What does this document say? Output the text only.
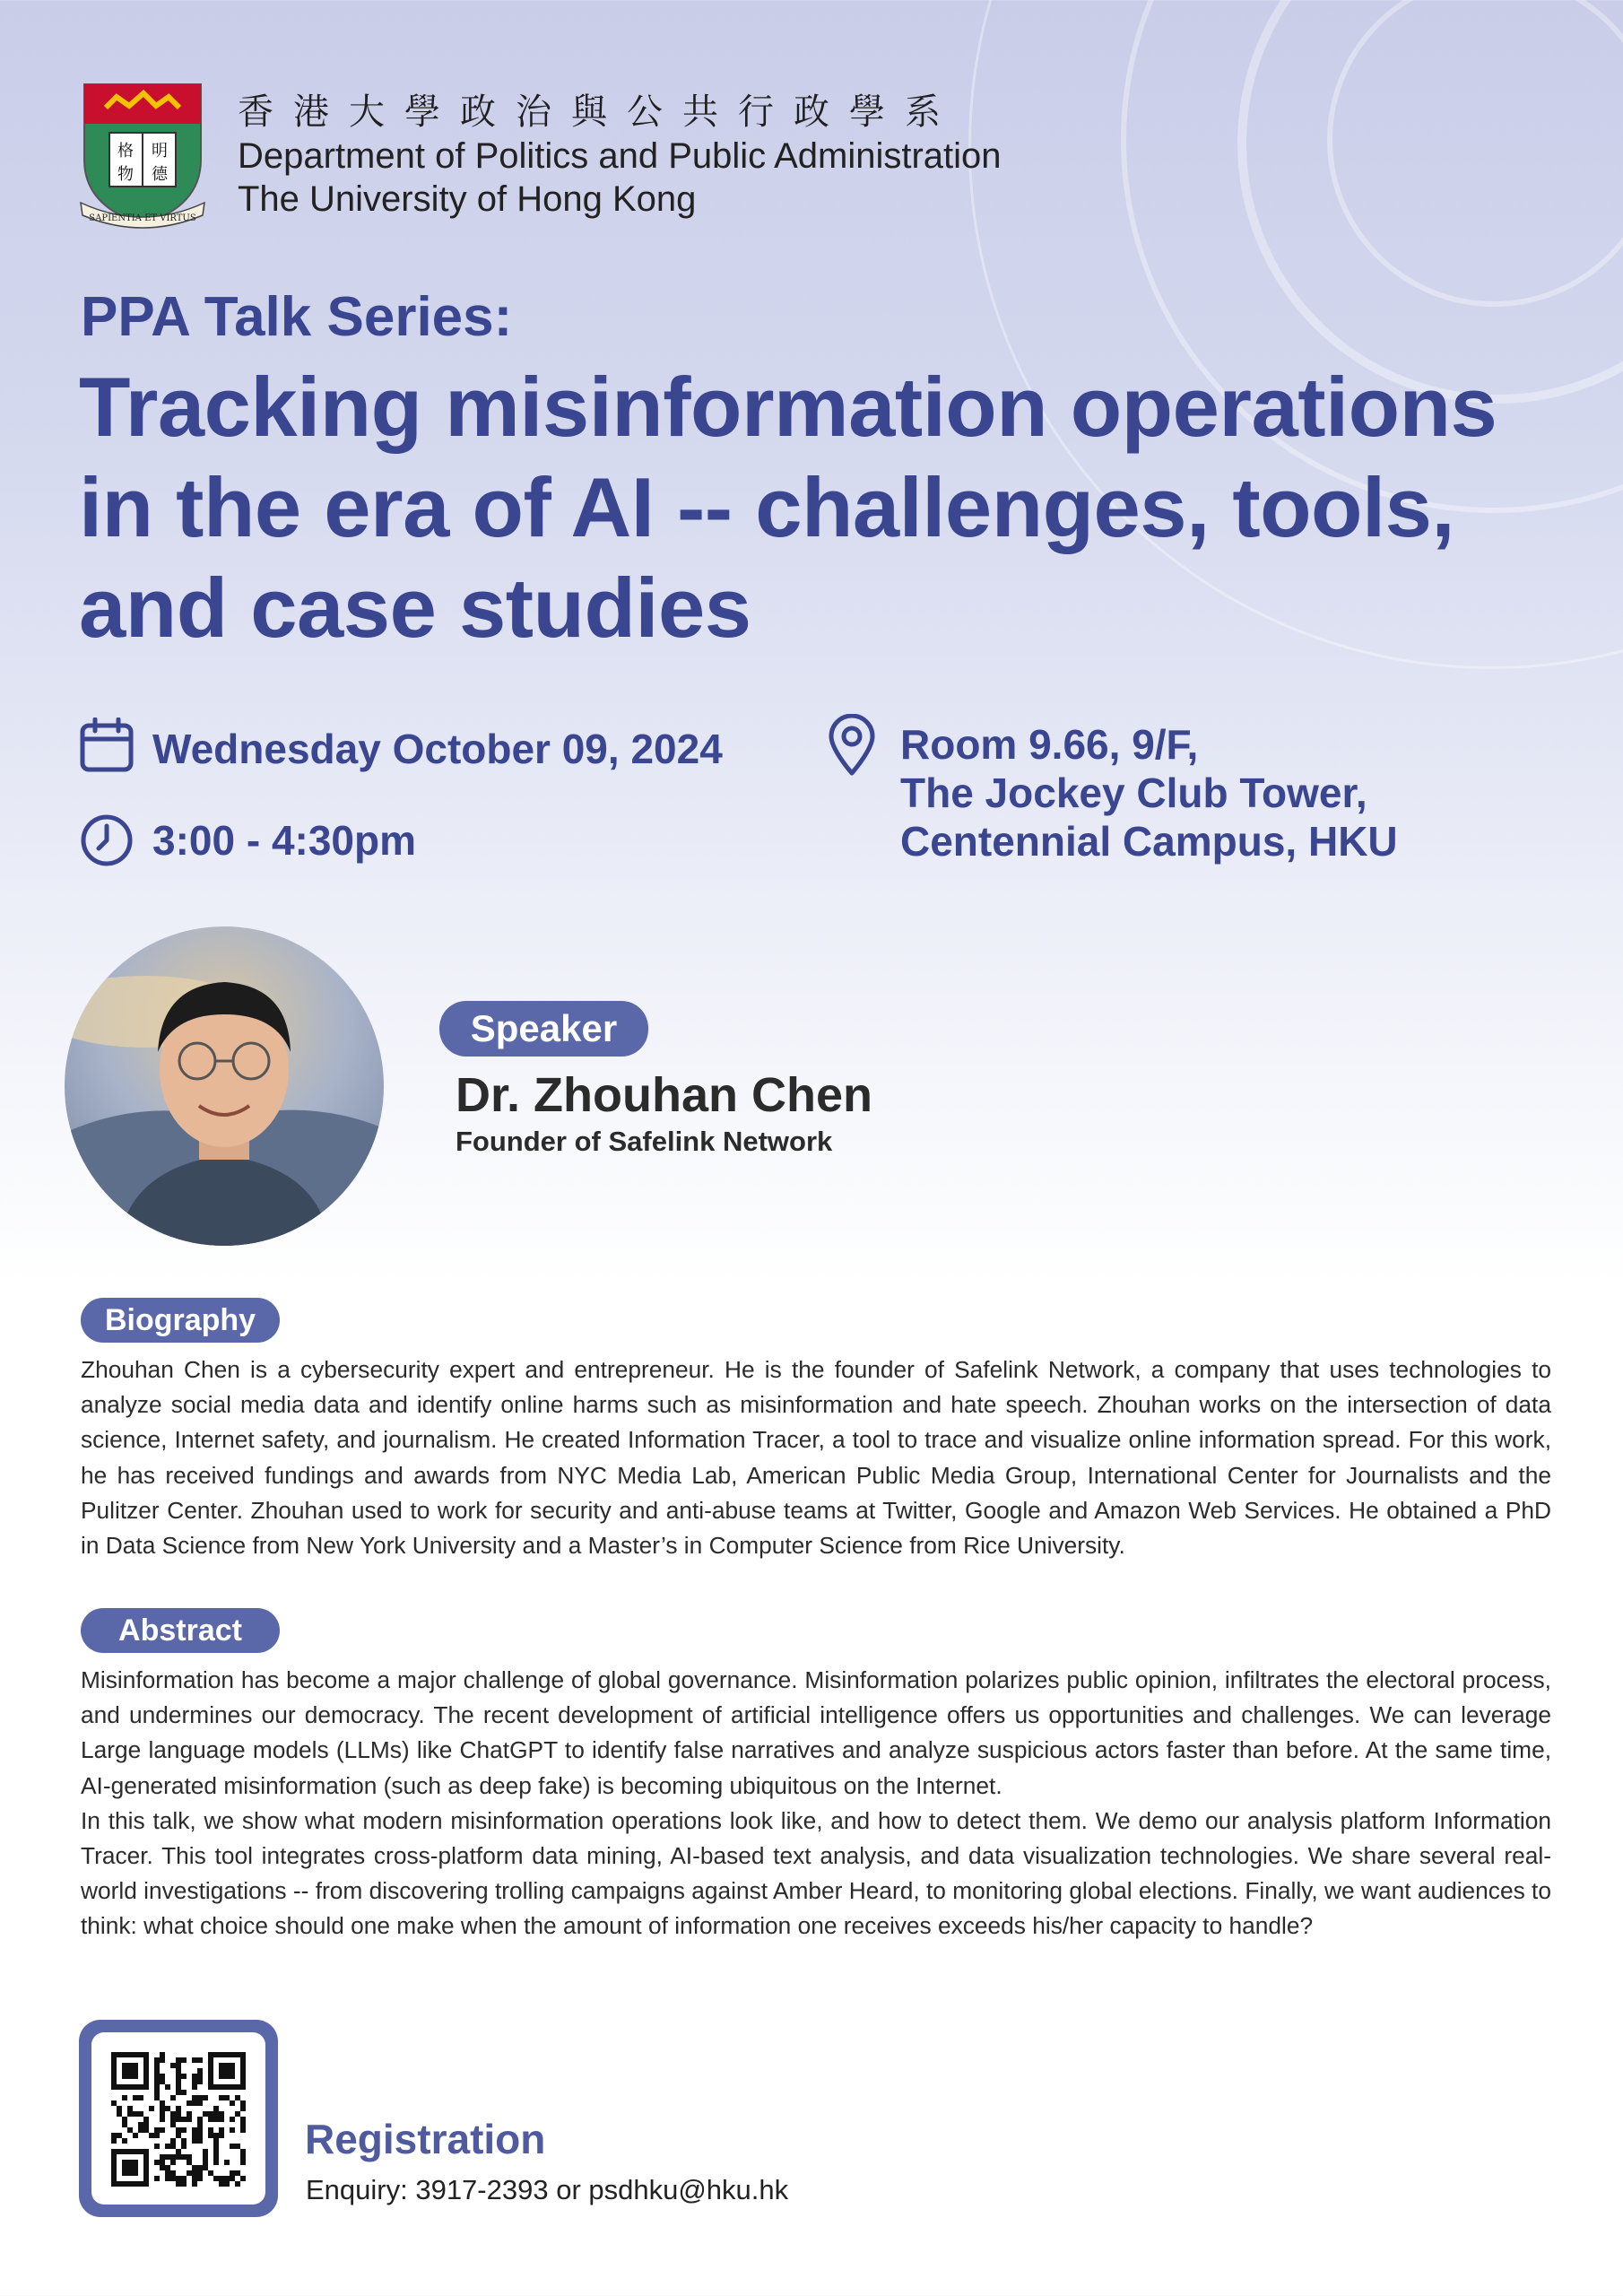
格 明
物 德
SAPIENTIA ET VIRTUS
香港大學政治與公共行政學系
Department of Politics and Public Administration
The University of Hong Kong
PPA Talk Series:
Tracking misinformation operations
in the era of AI -- challenges, tools,
and case studies
Wednesday October 09, 2024
3:00 - 4:30pm
Room 9.66, 9/F,
The Jockey Club Tower,
Centennial Campus, HKU
Speaker
Dr. Zhouhan Chen
Founder of Safelink Network
Biography
Zhouhan Chen is a cybersecurity expert and entrepreneur. He is the founder of Safelink Network, a company that uses technologies to analyze social media data and identify online harms such as misinformation and hate speech. Zhouhan works on the intersection of data science, Internet safety, and journalism. He created Information Tracer, a tool to trace and visualize online information spread. For this work, he has received fundings and awards from NYC Media Lab, American Public Media Group, International Center for Journalists and the Pulitzer Center. Zhouhan used to work for security and anti-abuse teams at Twitter, Google and Amazon Web Services. He obtained a PhD in Data Science from New York University and a Master’s in Computer Science from Rice University.
Abstract
Misinformation has become a major challenge of global governance. Misinformation polarizes public opinion, infiltrates the electoral process, and undermines our democracy. The recent development of artificial intelligence offers us opportunities and challenges. We can leverage Large language models (LLMs) like ChatGPT to identify false narratives and analyze suspicious actors faster than before. At the same time, AI-generated misinformation (such as deep fake) is becoming ubiquitous on the Internet.
In this talk, we show what modern misinformation operations look like, and how to detect them. We demo our analysis platform Information Tracer. This tool integrates cross-platform data mining, AI-based text analysis, and data visualization technologies. We share several real-world investigations -- from discovering trolling campaigns against Amber Heard, to monitoring global elections. Finally, we want audiences to think: what choice should one make when the amount of information one receives exceeds his/her capacity to handle?
Registration
Enquiry: 3917-2393 or psdhku@hku.hk
